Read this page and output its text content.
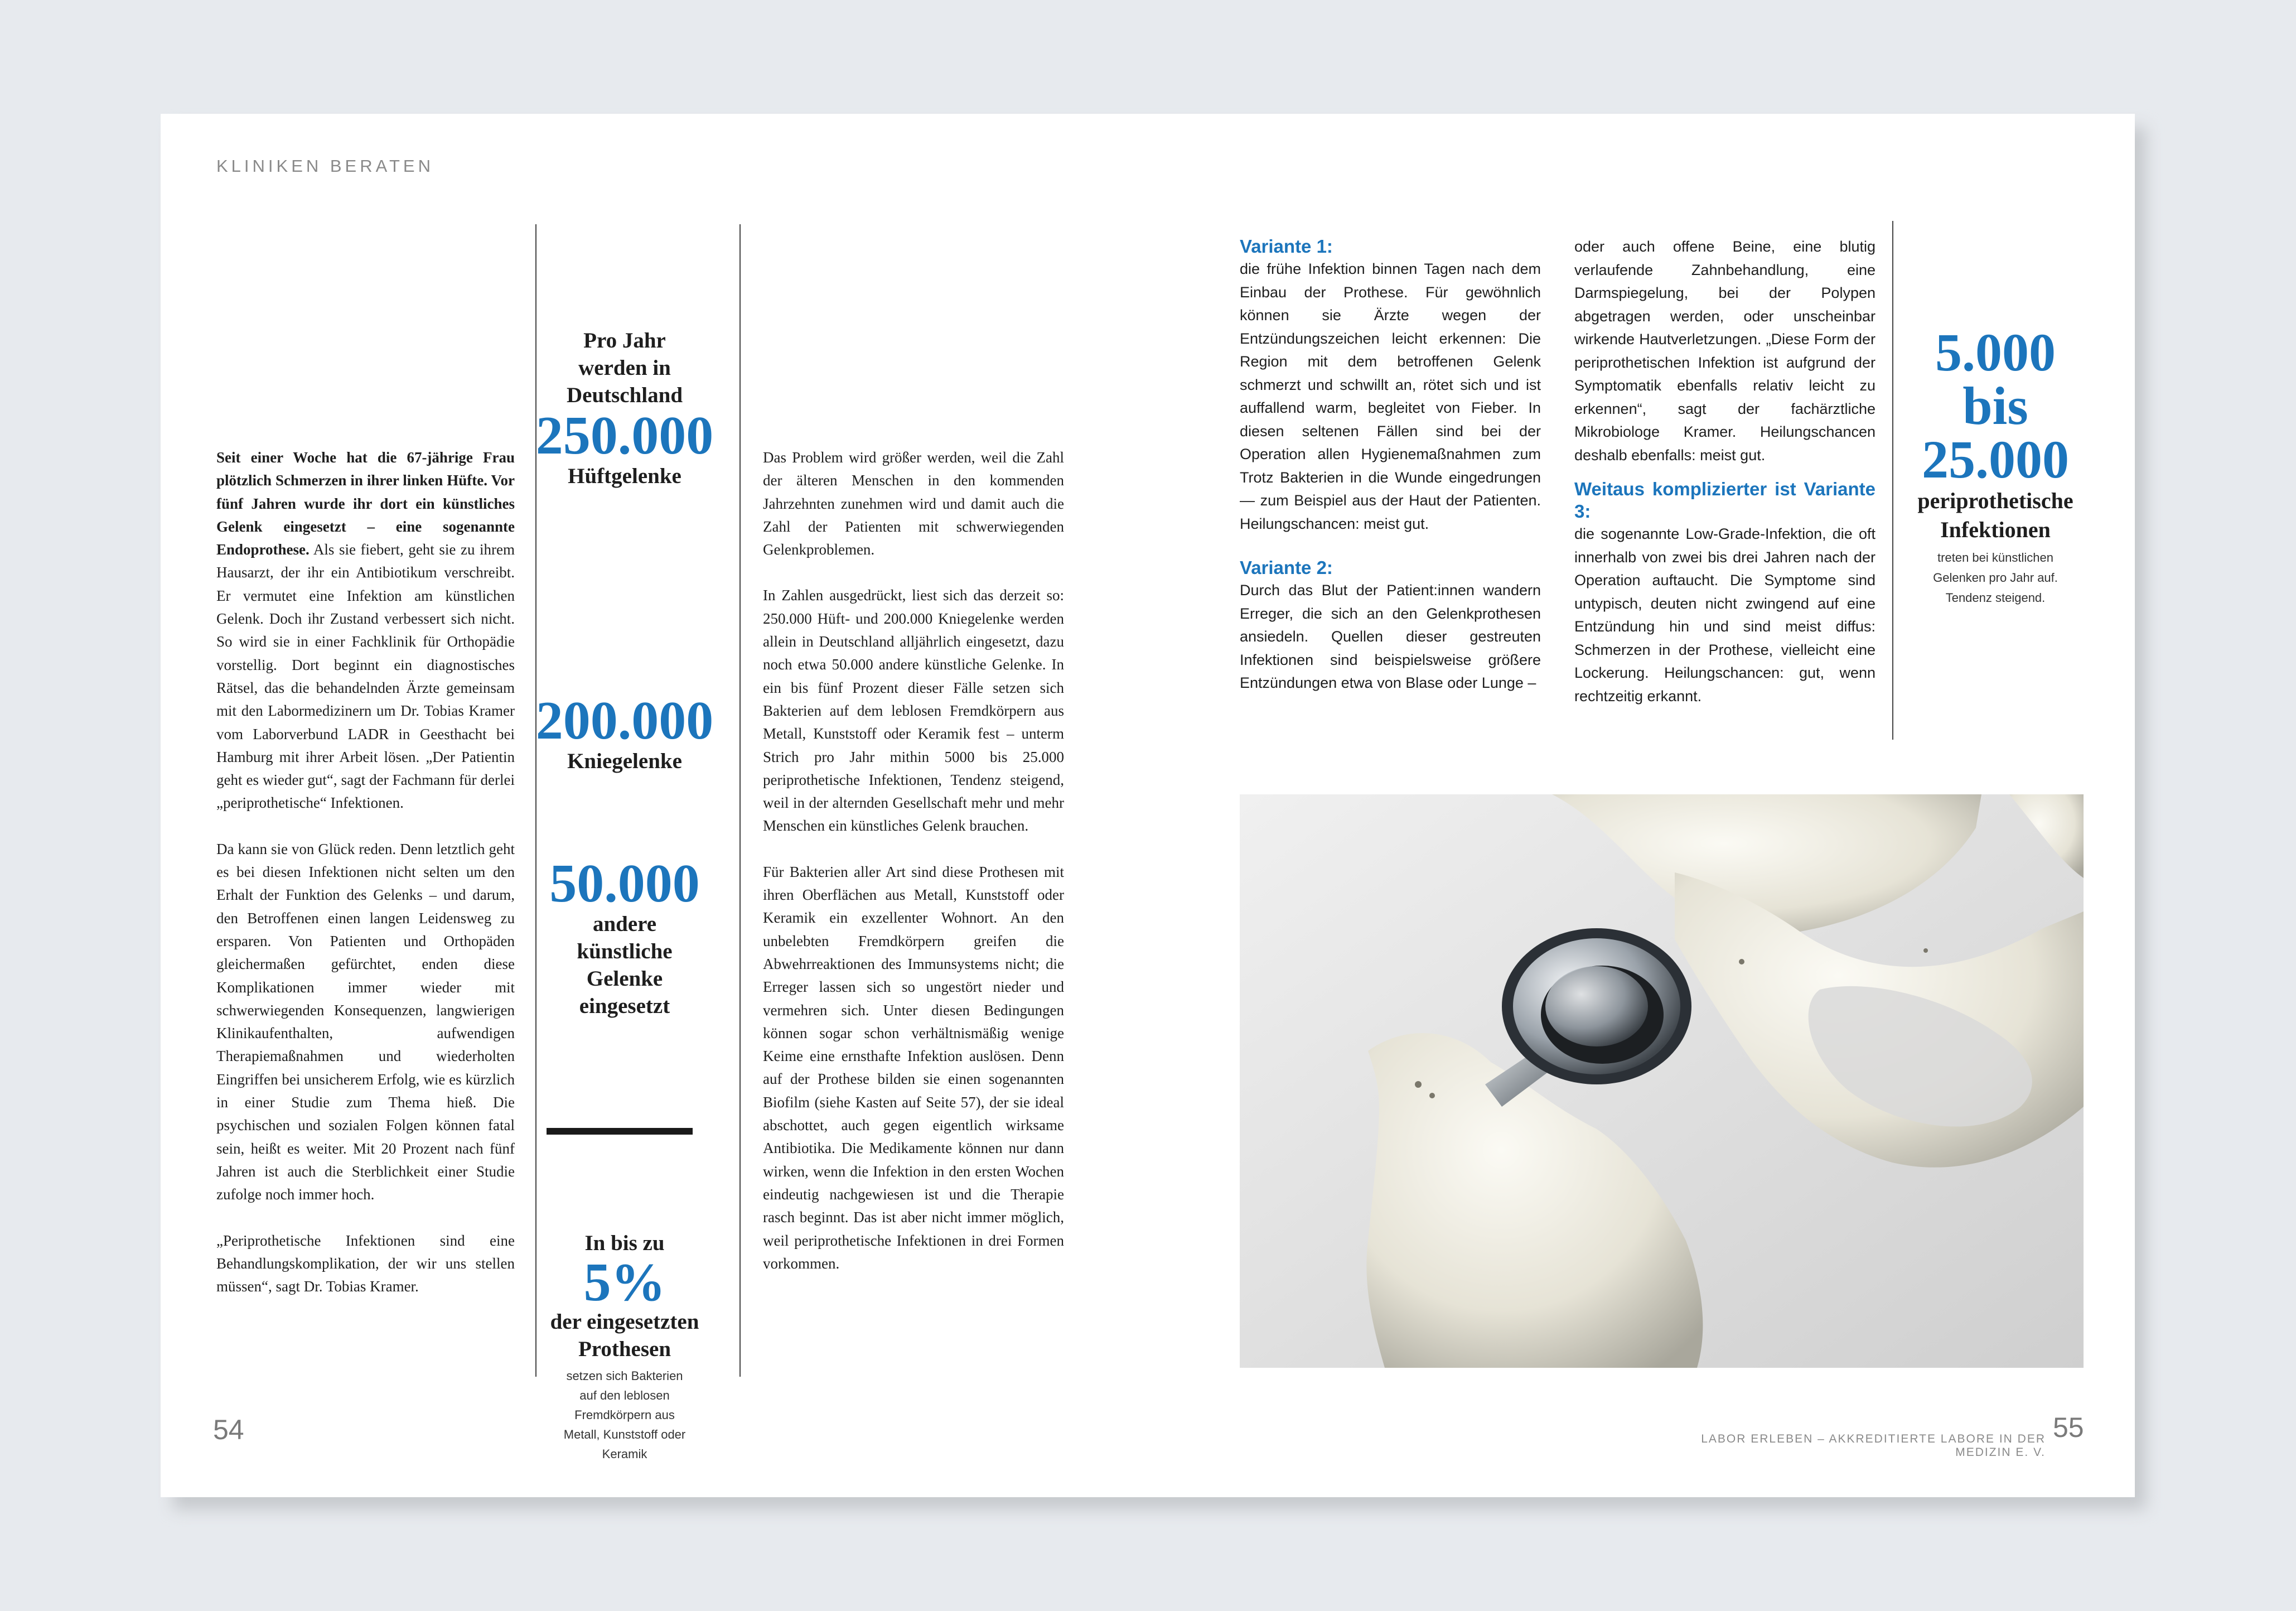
KLINIKEN BERATEN

Seit einer Woche hat die 67-jährige Frau plötzlich Schmerzen in ihrer linken Hüfte. Vor fünf Jahren wurde ihr dort ein künstliches Gelenk eingesetzt – eine sogenannte Endoprothese. Als sie fiebert, geht sie zu ihrem Hausarzt, der ihr ein Antibiotikum verschreibt. Er vermutet eine Infektion am künstlichen Gelenk. Doch ihr Zustand verbessert sich nicht. So wird sie in einer Fachklinik für Orthopädie vorstellig. Dort beginnt ein diagnostisches Rätsel, das die behandelnden Ärzte gemeinsam mit den Labormedizinern um Dr. Tobias Kramer vom Laborverbund LADR in Geesthacht bei Hamburg mit ihrer Arbeit lösen. „Der Patientin geht es wieder gut“, sagt der Fachmann für derlei „periprothetische“ Infektionen.

Da kann sie von Glück reden. Denn letztlich geht es bei diesen Infektionen nicht selten um den Erhalt der Funktion des Gelenks – und darum, den Betroffenen einen langen Leidensweg zu ersparen. Von Patienten und Orthopäden gleichermaßen gefürchtet, enden diese Komplikationen immer wieder mit schwerwiegenden Konsequenzen, langwierigen Klinikaufenthalten, aufwendigen Therapiemaßnahmen und wiederholten Eingriffen bei unsicherem Erfolg, wie es kürzlich in einer Studie zum Thema hieß. Die psychischen und sozialen Folgen können fatal sein, heißt es weiter. Mit 20 Prozent nach fünf Jahren ist auch die Sterblichkeit einer Studie zufolge noch immer hoch.

„Periprothetische Infektionen sind eine Behandlungskomplikation, der wir uns stellen müssen“, sagt Dr. Tobias Kramer.

Pro Jahr werden in Deutschland
250.000
Hüftgelenke
200.000
Kniegelenke
50.000
andere künstliche Gelenke eingesetzt
In bis zu
5%
der eingesetzten Prothesen
setzen sich Bakterien auf den leblosen Fremdkörpern aus Metall, Kunststoff oder Keramik

Das Problem wird größer werden, weil die Zahl der älteren Menschen in den kommenden Jahrzehnten zunehmen wird und damit auch die Zahl der Patienten mit schwerwiegenden Gelenkproblemen.

In Zahlen ausgedrückt, liest sich das derzeit so: 250.000 Hüft- und 200.000 Kniegelenke werden allein in Deutschland alljährlich eingesetzt, dazu noch etwa 50.000 andere künstliche Gelenke. In ein bis fünf Prozent dieser Fälle setzen sich Bakterien auf dem leblosen Fremdkörpern aus Metall, Kunststoff oder Keramik fest – unterm Strich pro Jahr mithin 5000 bis 25.000 periprothetische Infektionen, Tendenz steigend, weil in der alternden Gesellschaft mehr und mehr Menschen ein künstliches Gelenk brauchen.

Für Bakterien aller Art sind diese Prothesen mit ihren Oberflächen aus Metall, Kunststoff oder Keramik ein exzellenter Wohnort. An den unbelebten Fremdkörpern greifen die Abwehrreaktionen des Immunsystems nicht; die Erreger lassen sich so ungestört nieder und vermehren sich. Unter diesen Bedingungen können sogar schon verhältnismäßig wenige Keime eine ernsthafte Infektion auslösen. Denn auf der Prothese bilden sie einen sogenannten Biofilm (siehe Kasten auf Seite 57), der sie ideal abschottet, auch gegen eigentlich wirksame Antibiotika. Die Medikamente können nur dann wirken, wenn die Infektion in den ersten Wochen eindeutig nachgewiesen ist und die Therapie rasch beginnt. Das ist aber nicht immer möglich, weil periprothetische Infektionen in drei Formen vorkommen.

54

Variante 1:

die frühe Infektion binnen Tagen nach dem Einbau der Prothese. Für gewöhnlich können sie Ärzte wegen der Entzündungszeichen leicht erkennen: Die Region mit dem betroffenen Gelenk schmerzt und schwillt an, rötet sich und ist auffallend warm, begleitet von Fieber. In diesen seltenen Fällen sind bei der Operation allen Hygienemaßnahmen zum Trotz Bakterien in die Wunde eingedrungen — zum Beispiel aus der Haut der Patienten. Heilungschancen: meist gut.

Variante 2:

Durch das Blut der Patient:innen wandern Erreger, die sich an den Gelenkprothesen ansiedeln. Quellen dieser gestreuten Infektionen sind beispielsweise größere Entzündungen etwa von Blase oder Lunge –

oder auch offene Beine, eine blutig verlaufende Zahnbehandlung, eine Darmspiegelung, bei der Polypen abgetragen werden, oder unscheinbar wirkende Hautverletzungen. „Diese Form der periprothetischen Infektion ist aufgrund der Symptomatik ebenfalls relativ leicht zu erkennen“, sagt der fachärztliche Mikrobiologe Kramer. Heilungschancen deshalb ebenfalls: meist gut.

Weitaus komplizierter ist Variante 3:

die sogenannte Low-Grade-Infektion, die oft innerhalb von zwei bis drei Jahren nach der Operation auftaucht. Die Symptome sind untypisch, deuten nicht zwingend auf eine Entzündung hin und sind meist diffus: Schmerzen in der Prothese, vielleicht eine Lockerung. Heilungschancen: gut, wenn rechtzeitig erkannt.

5.000
bis
25.000
periprothetische Infektionen
treten bei künstlichen Gelenken pro Jahr auf. Tendenz steigend.
LABOR ERLEBEN – AKKREDITIERTE LABORE IN DER MEDIZIN E. V.
55
